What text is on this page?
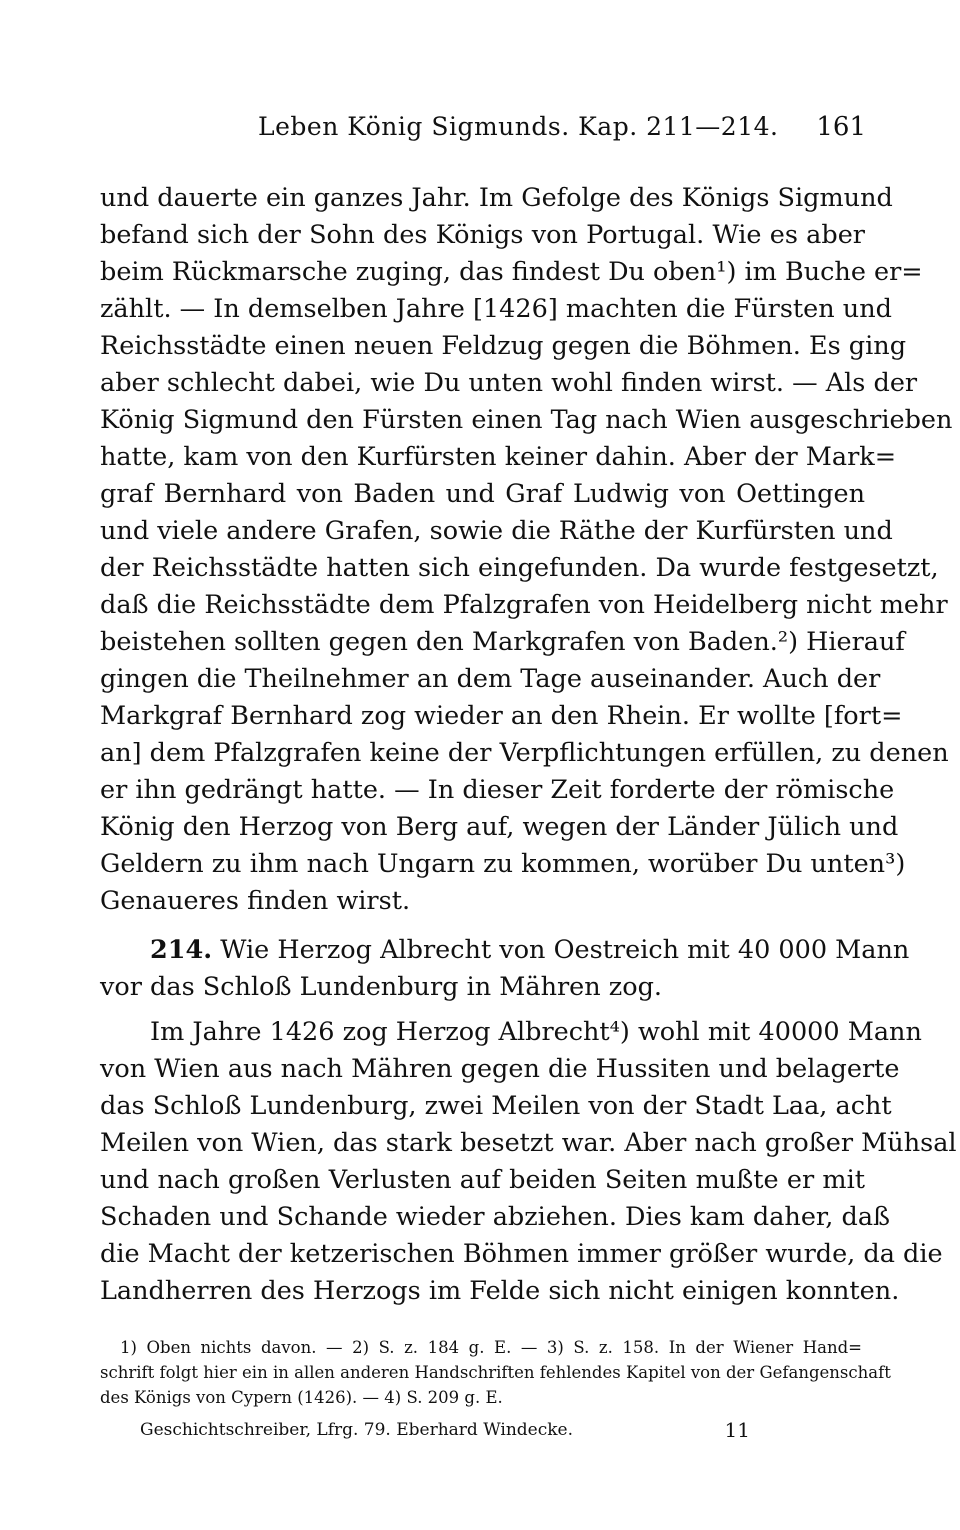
Leben König Sigmunds. Kap. 211—214. 161
und dauerte ein ganzes Jahr. Im Gefolge des Königs Sigmund
befand sich der Sohn des Königs von Portugal. Wie es aber
beim Rückmarsche zuging, das findest Du oben¹) im Buche er=
zählt. — In demselben Jahre [1426] machten die Fürsten und
Reichsstädte einen neuen Feldzug gegen die Böhmen. Es ging
aber schlecht dabei, wie Du unten wohl finden wirst. — Als der
König Sigmund den Fürsten einen Tag nach Wien ausgeschrieben
hatte, kam von den Kurfürsten keiner dahin. Aber der Mark=
graf Bernhard von Baden und Graf Ludwig von Oettingen
und viele andere Grafen, sowie die Räthe der Kurfürsten und
der Reichsstädte hatten sich eingefunden. Da wurde festgesetzt,
daß die Reichsstädte dem Pfalzgrafen von Heidelberg nicht mehr
beistehen sollten gegen den Markgrafen von Baden.²) Hierauf
gingen die Theilnehmer an dem Tage auseinander. Auch der
Markgraf Bernhard zog wieder an den Rhein. Er wollte [fort=
an] dem Pfalzgrafen keine der Verpflichtungen erfüllen, zu denen
er ihn gedrängt hatte. — In dieser Zeit forderte der römische
König den Herzog von Berg auf, wegen der Länder Jülich und
Geldern zu ihm nach Ungarn zu kommen, worüber Du unten³)
Genaueres finden wirst.
214. Wie Herzog Albrecht von Oestreich mit 40 000 Mann
vor das Schloß Lundenburg in Mähren zog.
Im Jahre 1426 zog Herzog Albrecht⁴) wohl mit 40000 Mann
von Wien aus nach Mähren gegen die Hussiten und belagerte
das Schloß Lundenburg, zwei Meilen von der Stadt Laa, acht
Meilen von Wien, das stark besetzt war. Aber nach großer Mühsal
und nach großen Verlusten auf beiden Seiten mußte er mit
Schaden und Schande wieder abziehen. Dies kam daher, daß
die Macht der ketzerischen Böhmen immer größer wurde, da die
Landherren des Herzogs im Felde sich nicht einigen konnten.
1) Oben nichts davon. — 2) S. z. 184 g. E. — 3) S. z. 158. In der Wiener Hand=
schrift folgt hier ein in allen anderen Handschriften fehlendes Kapitel von der Gefangenschaft
des Königs von Cypern (1426). — 4) S. 209 g. E.
Geschichtschreiber, Lfrg. 79. Eberhard Windecke.	11
